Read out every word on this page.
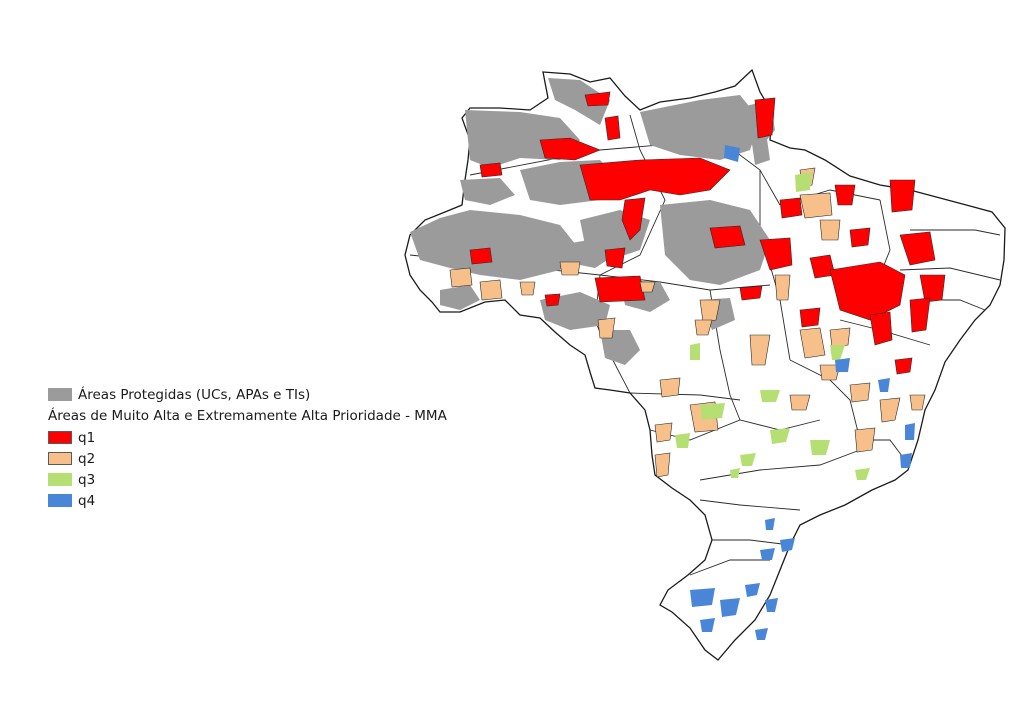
Áreas Protegidas (UCs, APAs e TIs)
Áreas de Muito Alta e Extremamente Alta Prioridade - MMA
q1
q2
q3
q4
